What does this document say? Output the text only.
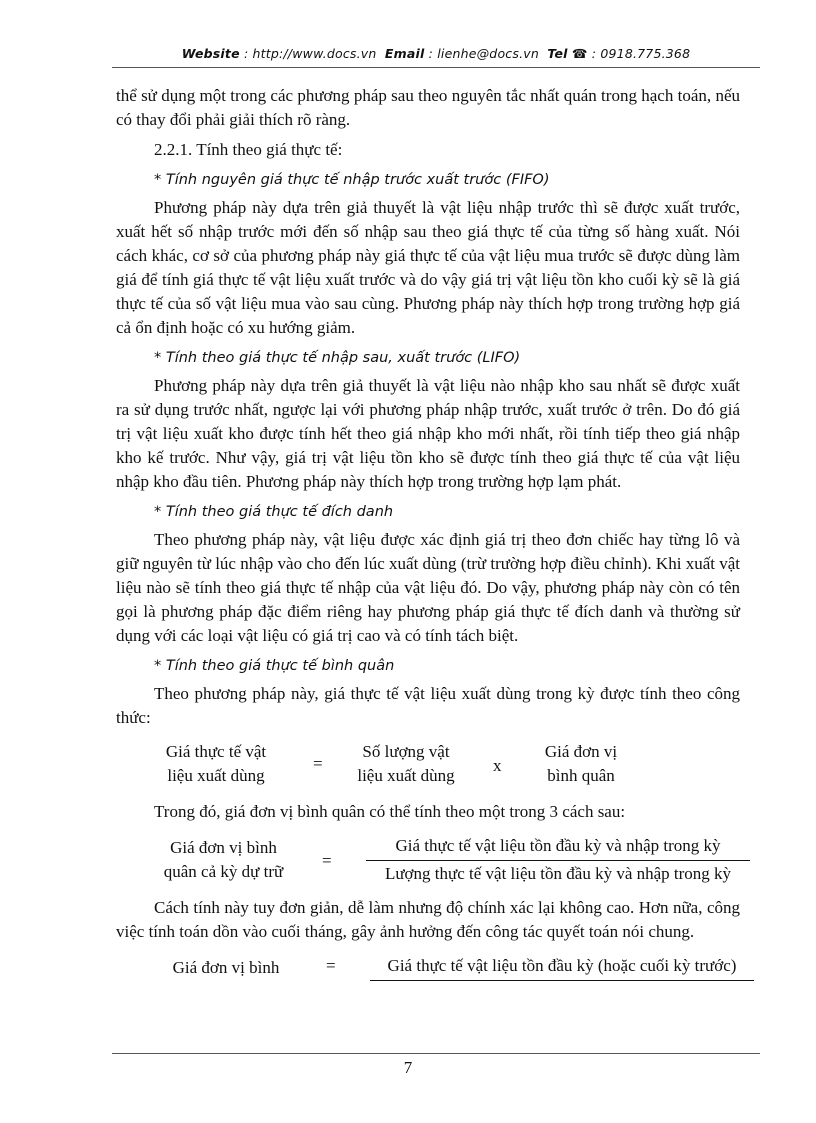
Website : http://www.docs.vn Email : lienhe@docs.vn Tel ☎ : 0918.775.368

thể sử dụng một trong các phương pháp sau theo nguyên tắc nhất quán trong hạch toán, nếu có thay đổi phải giải thích rõ ràng.

2.2.1. Tính theo giá thực tế:

* Tính nguyên giá thực tế nhập trước xuất trước (FIFO)

Phương pháp này dựa trên giả thuyết là vật liệu nhập trước thì sẽ được xuất trước, xuất hết số nhập trước mới đến số nhập sau theo giá thực tế của từng số hàng xuất. Nói cách khác, cơ sở của phương pháp này giá thực tế của vật liệu mua trước sẽ được dùng làm giá để tính giá thực tế vật liệu xuất trước và do vậy giá trị vật liệu tồn kho cuối kỳ sẽ là giá thực tế của số vật liệu mua vào sau cùng. Phương pháp này thích hợp trong trường hợp giá cả ổn định hoặc có xu hướng giảm.

* Tính theo giá thực tế nhập sau, xuất trước (LIFO)

Phương pháp này dựa trên giả thuyết là vật liệu nào nhập kho sau nhất sẽ được xuất ra sử dụng trước nhất, ngược lại với phương pháp nhập trước, xuất trước ở trên. Do đó giá trị vật liệu xuất kho được tính hết theo giá nhập kho mới nhất, rồi tính tiếp theo giá nhập kho kế trước. Như vậy, giá trị vật liệu tồn kho sẽ được tính theo giá thực tế của vật liệu nhập kho đầu tiên. Phương pháp này thích hợp trong trường hợp lạm phát.

* Tính theo giá thực tế đích danh

Theo phương pháp này, vật liệu được xác định giá trị theo đơn chiếc hay từng lô và giữ nguyên từ lúc nhập vào cho đến lúc xuất dùng (trừ trường hợp điều chỉnh). Khi xuất vật liệu nào sẽ tính theo giá thực tế nhập của vật liệu đó. Do vậy, phương pháp này còn có tên gọi là phương pháp đặc điểm riêng hay phương pháp giá thực tế đích danh và thường sử dụng với các loại vật liệu có giá trị cao và có tính tách biệt.

* Tính theo giá thực tế bình quân

Theo phương pháp này, giá thực tế vật liệu xuất dùng trong kỳ được tính theo công thức:

Giá thực tế vật
liệu xuất dùng
=
Số lượng vật
liệu xuất dùng
x
Giá đơn vị
bình quân

Trong đó, giá đơn vị bình quân có thể tính theo một trong 3 cách sau:

Giá đơn vị bình
quân cả kỳ dự trữ
=
Giá thực tế vật liệu tồn đầu kỳ và nhập trong kỳ
Lượng thực tế vật liệu tồn đầu kỳ và nhập trong kỳ

Cách tính này tuy đơn giản, dễ làm nhưng độ chính xác lại không cao. Hơn nữa, công việc tính toán dồn vào cuối tháng, gây ảnh hưởng đến công tác quyết toán nói chung.

Giá đơn vị bình	=	Giá thực tế vật liệu tồn đầu kỳ (hoặc cuối kỳ trước)
7
